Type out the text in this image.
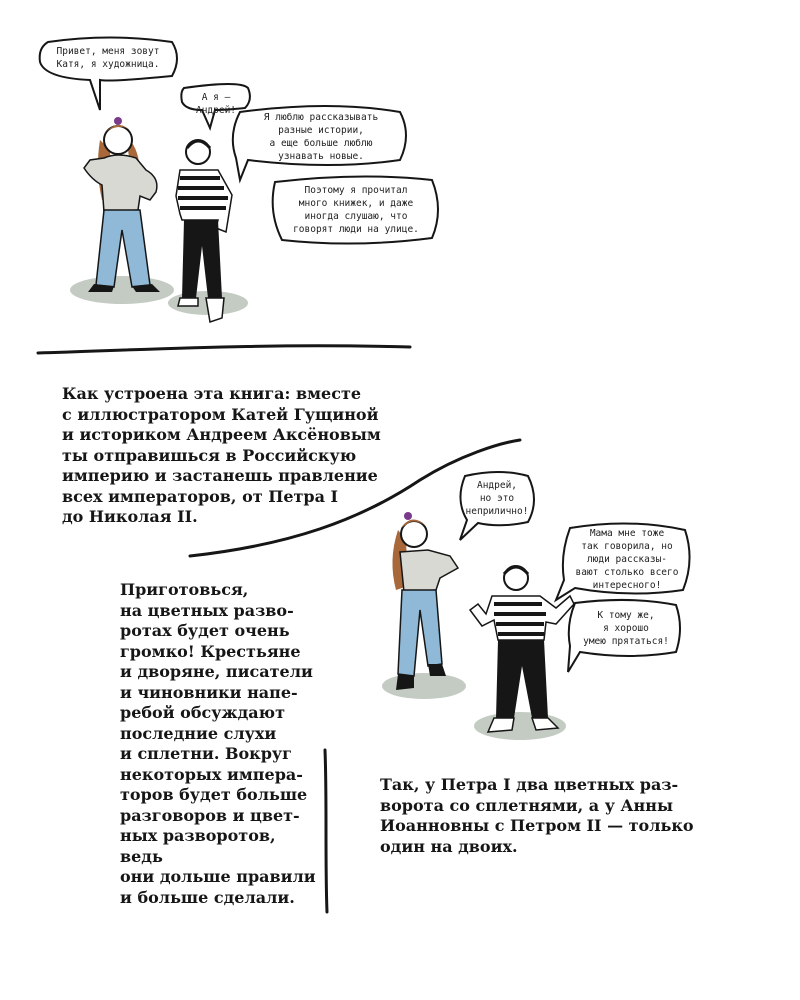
Привет, меня зовут
Катя, я художница.
А я – Андрей!
Я люблю рассказывать
разные истории,
а еще больше люблю
узнавать новые.
Поэтому я прочитал
много книжек, и даже
иногда слушаю, что
говорят люди на улице.
Андрей,
но это
неприлично!
Мама мне тоже
так говорила, но
люди рассказы-
вают столько всего
интересного!
К тому же,
я хорошо
умею прятаться!
Как устроена эта книга: вместе
с иллюстратором Катей Гущиной
и историком Андреем Аксёновым
ты отправишься в Российскую
империю и застанешь правление
всех императоров, от Петра I
до Николая II.
Приготовься,
на цветных разво-
ротах будет очень
громко! Крестьяне
и дворяне, писатели
и чиновники напе-
ребой обсуждают
последние слухи
и сплетни. Вокруг
некоторых импера-
торов будет больше
разговоров и цвет-
ных разворотов, ведь
они дольше правили
и больше сделали.
Так, у Петра I два цветных раз-
ворота со сплетнями, а у Анны
Иоанновны с Петром II — только
один на двоих.
